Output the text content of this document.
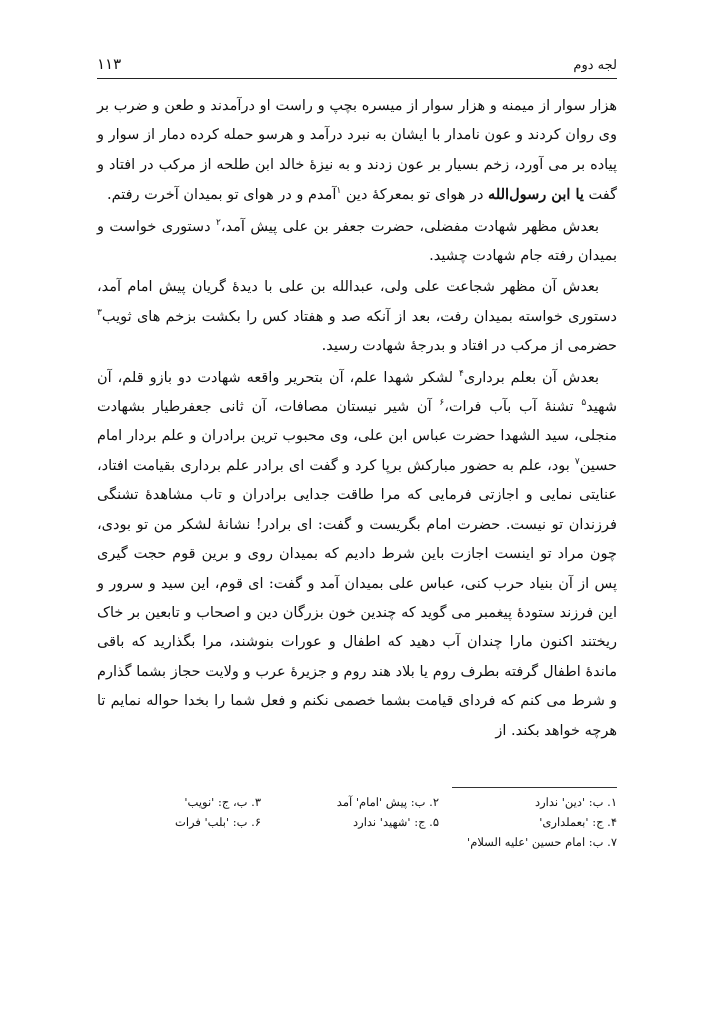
لجه دوم
۱۱۳

هزار سوار از میمنه و هزار سوار از میسره بچپ و راست او درآمدند و طعن و ضرب بر وی روان کردند و عون نامدار با ایشان به نبرد درآمد و هرسو حمله کرده دمار از سوار و پیاده بر می آورد، زخم بسیار بر عون زدند و به نیزهٔ خالد ابن طلحه از مرکب در افتاد و گفت یا ابن رسول‌الله در هوای تو بمعرکهٔ دین $^۱$آمدم و در هوای تو بمیدان آخرت رفتم.

بعدش مظهر شهادت مفضلی، حضرت جعفر بن علی پیش آمد،$^۲$ دستوری خواست و بمیدان رفته جام شهادت چشید.

بعدش آن مظهر شجاعت علی ولی، عبدالله بن علی با دیدهٔ گریان پیش امام آمد، دستوری خواسته بمیدان رفت، بعد از آنکه صد و هفتاد کس را بکشت بزخم های ثویب$^۳$ حضرمی از مرکب در افتاد و بدرجهٔ شهادت رسید.

بعدش آن بعلم برداری$^۴$ لشکر شهدا علم، آن بتحریر واقعه شهادت دو بازو قلم، آن شهید$^۵$ تشنهٔ آب بآب فرات،$^۶$ آن شیر نیستان مصافات، آن ثانی جعفرطیار بشهادت منجلی، سید الشهدا حضرت عباس ابن علی، وی محبوب ترین برادران و علم بردار امام حسین$^۷$ بود، علم به حضور مبارکش برپا کرد و گفت ای برادر علم برداری بقیامت افتاد، عنایتی نمایی و اجازتی فرمایی که مرا طاقت جدایی برادران و تاب مشاهدهٔ تشنگی فرزندان تو نیست. حضرت امام بگریست و گفت: ای برادر! نشانهٔ لشکر من تو بودی، چون مراد تو اینست اجازت باین شرط دادیم که بمیدان روی و برین قوم حجت گیری پس از آن بنیاد حرب کنی، عباس علی بمیدان آمد و گفت: ای قوم، این سید و سرور و این فرزند ستودهٔ پیغمبر می گوید که چندین خون بزرگان دین و اصحاب و تابعین بر خاک ریختند اکنون مارا چندان آب دهید که اطفال و عورات بنوشند، مرا بگذارید که باقی ماندهٔ اطفال گرفته بطرف روم یا بلاد هند روم و جزیرهٔ عرب و ولایت حجاز بشما گذارم و شرط می کنم که فردای قیامت بشما خصمی نکنم و فعل شما را بخدا حواله نمایم تا هرچه خواهد بکند. از

۱. ب: 'دین' ندارد
۲. ب: پیش 'امام' آمد
۳. ب، ج: 'نویب'
۴. ج: 'بعملداری'
۵. ج: 'شهید' ندارد
۶. ب: 'بلب' فرات
۷. ب: امام حسین 'علیه السلام'
